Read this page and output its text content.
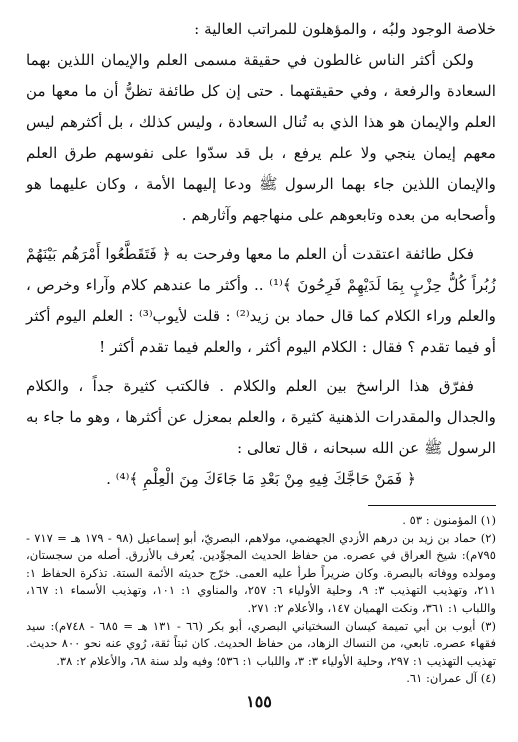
خلاصة الوجود ولبُه ، والمؤهلون للمراتب العالية :

ولكن أكثر الناس غالطون في حقيقة مسمى العلم والإيمان اللذين بهما السعادة والرفعة ، وفي حقيقتهما . حتى إن كل طائفة تظنُّ أن ما معها من العلم والإيمان هو هذا الذي به تُنال السعادة ، وليس كذلك ، بل أكثرهم ليس معهم إيمان ينجي ولا علم يرفع ، بل قد سدّوا على نفوسهم طرق العلم والإيمان اللذين جاء بهما الرسول ﷺ ودعا إليهما الأمة ، وكان عليهما هو وأصحابه من بعده وتابعوهم على منهاجهم وآثارهم .

فكل طائفة اعتقدت أن العلم ما معها وفرحت به ﴿ فَتَقَطَّعُوا أَمْرَهُم بَيْنَهُمْ زُبُراً كُلُّ حِزْبٍ بِمَا لَدَيْهِمْ فَرِحُونَ ﴾⁽¹⁾ .. وأكثر ما عندهم كلام وآراء وخرص ، والعلم وراء الكلام كما قال حماد بن زيد⁽²⁾ : قلت لأيوب⁽³⁾ : العلم اليوم أكثر أو فيما تقدم ؟ فقال : الكلام اليوم أكثر ، والعلم فيما تقدم أكثر !

ففرّق هذا الراسخ بين العلم والكلام . فالكتب كثيرة جداً ، والكلام والجدال والمقدرات الذهنية كثيرة ، والعلم بمعزل عن أكثرها ، وهو ما جاء به الرسول ﷺ عن الله سبحانه ، قال تعالى :

﴿ فَمَنْ حَاجَّكَ فِيهِ مِنْ بَعْدِ مَا جَاءَكَ مِنَ الْعِلْمِ ﴾⁽⁴⁾ .

(١) المؤمنون : ٥٣ .

(٢) حماد بن زيد بن درهم الأزدي الجهضمي، مولاهم، البصريّ، أبو إسماعيل (٩٨ - ١٧٩ هـ = ٧١٧ - ٧٩٥م): شيخ العراق في عصره. من حفاظ الحديث المجوِّدين. يُعرف بالأزرق. أصله من سجستان، ومولده ووفاته بالبصرة. وكان ضريراً طرأ عليه العمى. خرّج حديثه الأئمة الستة. تذكرة الحفاظ ١: ٢١١، وتهذيب التهذيب ٣: ٩، وحلية الأولياء ٦: ٢٥٧، والمناوي ١: ١٠١، وتهذيب الأسماء ١: ١٦٧، واللباب ١: ٣٦١، ونكت الهميان ١٤٧، والأعلام ٢: ٢٧١.

(٣) أيوب بن أبي تميمة كيسان السختياني البصري، أبو بكر (٦٦ - ١٣١ هـ = ٦٨٥ - ٧٤٨م): سيد فقهاء عصره. تابعي، من النساك الزهاد، من حفاظ الحديث. كان ثبتاً ثقة، رُوي عنه نحو ٨٠٠ حديث. تهذيب التهذيب ١: ٢٩٧، وحلية الأولياء ٣: ٣، واللباب ١: ٥٣٦؛ وفيه ولد سنة ٦٨، والأعلام ٢: ٣٨.

(٤) آل عمران: ٦١.

١٥٥
